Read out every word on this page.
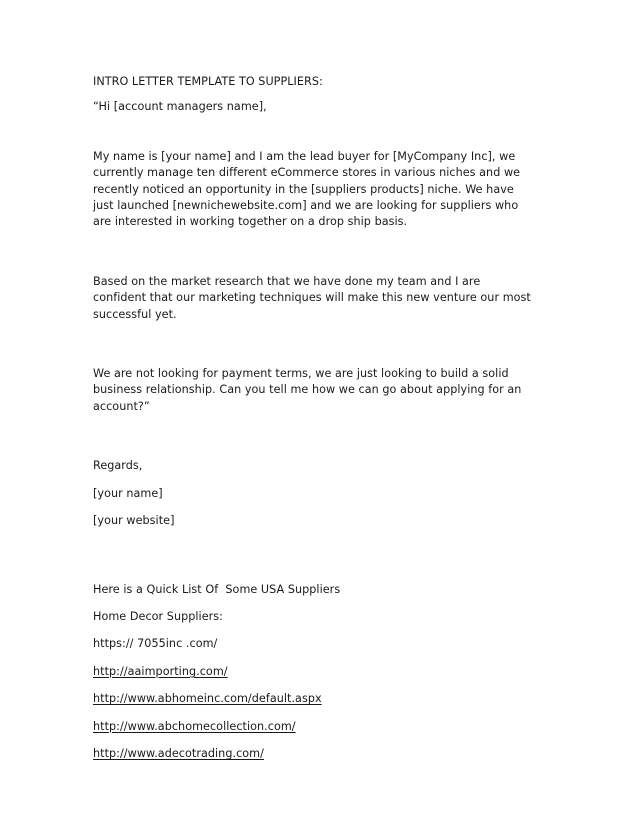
INTRO LETTER TEMPLATE TO SUPPLIERS:
“Hi [account managers name],
My name is [your name] and I am the lead buyer for [MyCompany Inc], we
currently manage ten different eCommerce stores in various niches and we
recently noticed an opportunity in the [suppliers products] niche. We have
just launched [newnichewebsite.com] and we are looking for suppliers who
are interested in working together on a drop ship basis.
Based on the market research that we have done my team and I are
confident that our marketing techniques will make this new venture our most
successful yet.
We are not looking for payment terms, we are just looking to build a solid
business relationship. Can you tell me how we can go about applying for an
account?”
Regards,
[your name]
[your website]
Here is a Quick List Of  Some USA Suppliers
Home Decor Suppliers:
https:// 7055inc .com/
http://aaimporting.com/
http://www.abhomeinc.com/default.aspx
http://www.abchomecollection.com/
http://www.adecotrading.com/
